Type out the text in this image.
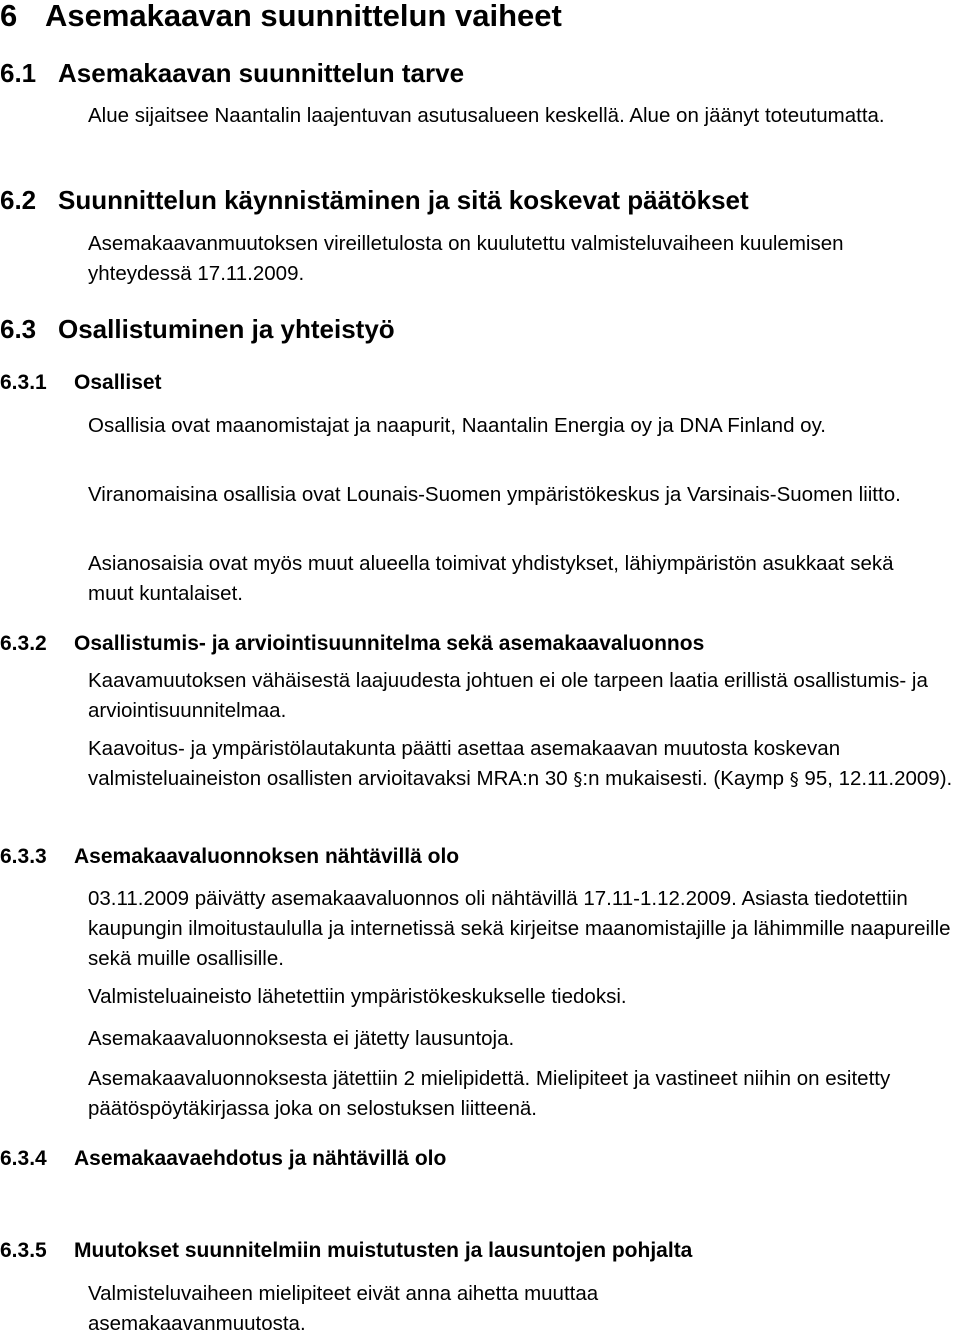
6 Asemakaavan suunnittelun vaiheet
6.1 Asemakaavan suunnittelun tarve

Alue sijaitsee Naantalin laajentuvan asutusalueen keskellä. Alue on jäänyt toteutumatta.

6.2 Suunnittelun käynnistäminen ja sitä koskevat päätökset

Asemakaavanmuutoksen vireilletulosta on kuulutettu valmisteluvaiheen kuulemisen yhteydessä 17.11.2009.

6.3 Osallistuminen ja yhteistyö
6.3.1 Osalliset

Osallisia ovat maanomistajat ja naapurit, Naantalin Energia oy ja DNA Finland oy.

Viranomaisina osallisia ovat Lounais-Suomen ympäristökeskus ja Varsinais-Suomen liitto.

Asianosaisia ovat myös muut alueella toimivat yhdistykset, lähiympäristön asukkaat sekä muut kuntalaiset.

6.3.2 Osallistumis- ja arviointisuunnitelma sekä asemakaavaluonnos

Kaavamuutoksen vähäisestä laajuudesta johtuen ei ole tarpeen laatia erillistä osallistumis- ja arviointisuunnitelmaa.

Kaavoitus- ja ympäristölautakunta päätti asettaa asemakaavan muutosta koskevan valmisteluaineiston osallisten arvioitavaksi MRA:n 30 §:n mukaisesti. (Kaymp § 95, 12.11.2009).

6.3.3 Asemakaavaluonnoksen nähtävillä olo

03.11.2009 päivätty asemakaavaluonnos oli nähtävillä 17.11-1.12.2009. Asiasta tiedotettiin kaupungin ilmoitustaululla ja internetissä sekä kirjeitse maanomistajille ja lähimmille naapureille sekä muille osallisille.

Valmisteluaineisto lähetettiin ympäristökeskukselle tiedoksi.

Asemakaavaluonnoksesta ei jätetty lausuntoja.

Asemakaavaluonnoksesta jätettiin 2 mielipidettä. Mielipiteet ja vastineet niihin on esitetty päätöspöytäkirjassa joka on selostuksen liitteenä.

6.3.4 Asemakaavaehdotus ja nähtävillä olo
6.3.5 Muutokset suunnitelmiin muistutusten ja lausuntojen pohjalta

Valmisteluvaiheen mielipiteet eivät anna aihetta muuttaa asemakaavanmuutosta.
